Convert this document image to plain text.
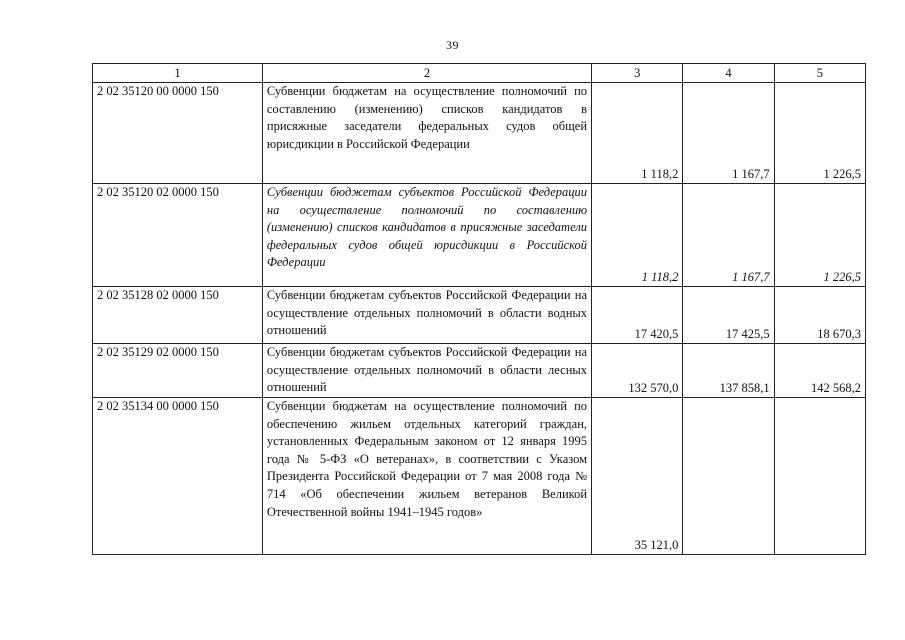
39
1	2	3	4	5
2 02 35120 00 0000 150	Субвенции бюджетам на осуществление полномочий по составлению (изменению) списков кандидатов в присяжные заседатели федеральных судов общей юрисдикции в Российской Федерации	1 118,2	1 167,7	1 226,5
2 02 35120 02 0000 150	Субвенции бюджетам субъектов Российской Федерации на осуществление полномочий по составлению (изменению) списков кандидатов в присяжные заседатели федеральных судов общей юрисдикции в Российской Федерации	1 118,2	1 167,7	1 226,5
2 02 35128 02 0000 150	Субвенции бюджетам субъектов Российской Федерации на осуществление отдельных полномочий в области водных отношений	17 420,5	17 425,5	18 670,3
2 02 35129 02 0000 150	Субвенции бюджетам субъектов Российской Федерации на осуществление отдельных полномочий в области лесных отношений	132 570,0	137 858,1	142 568,2
2 02 35134 00 0000 150	Субвенции бюджетам на осуществление полномочий по обеспечению жильем отдельных категорий граждан, установленных Федеральным законом от 12 января 1995 года № 5-ФЗ «О ветеранах», в соответствии с Указом Президента Российской Федерации от 7 мая 2008 года № 714 «Об обеспечении жильем ветеранов Великой Отечественной войны 1941–1945 годов»	35 121,0		
